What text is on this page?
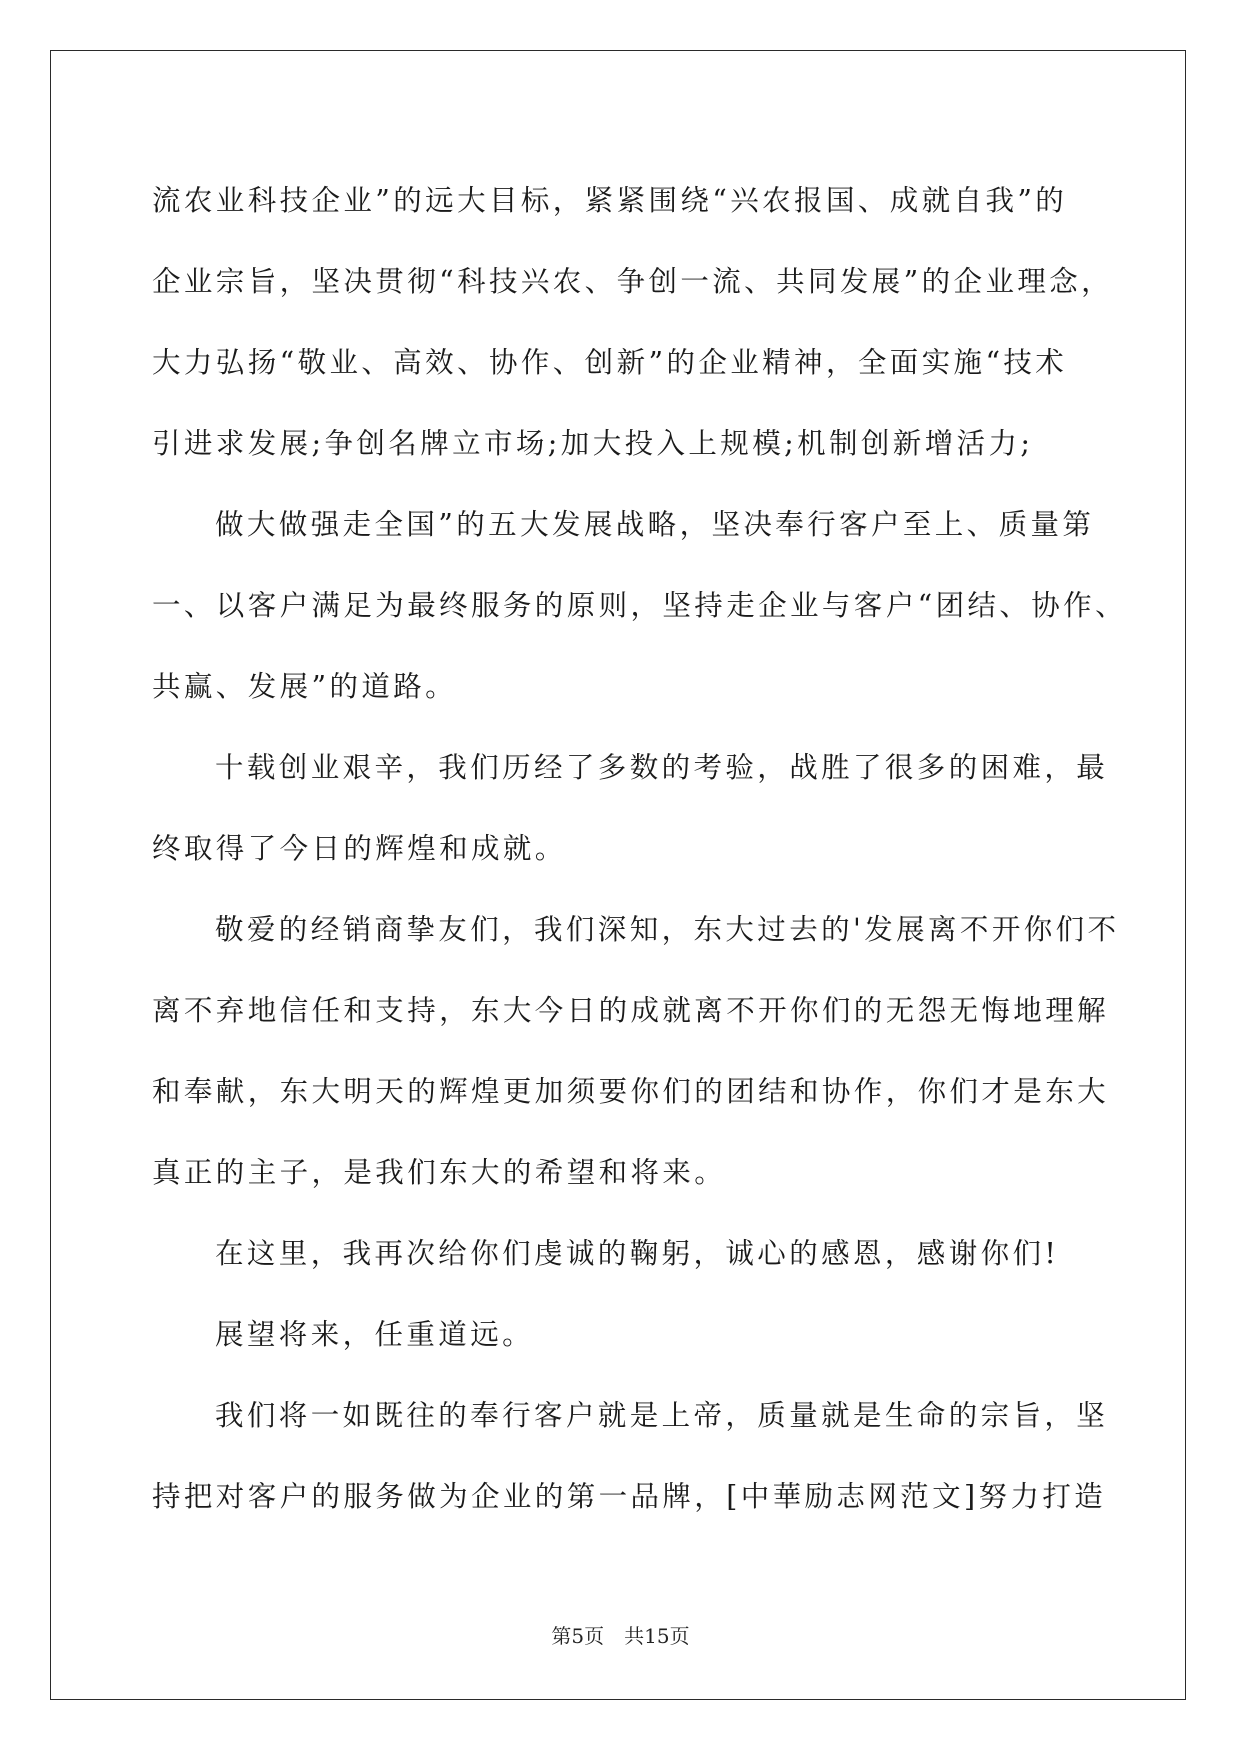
流农业科技企业”的远大目标，紧紧围绕“兴农报国、成就自我”的
企业宗旨，坚决贯彻“科技兴农、争创一流、共同发展”的企业理念，
大力弘扬“敬业、高效、协作、创新”的企业精神，全面实施“技术
引进求发展;争创名牌立市场;加大投入上规模;机制创新增活力;
做大做强走全国”的五大发展战略，坚决奉行客户至上、质量第
一、以客户满足为最终服务的原则，坚持走企业与客户“团结、协作、
共赢、发展”的道路。
十载创业艰辛，我们历经了多数的考验，战胜了很多的困难，最
终取得了今日的辉煌和成就。
敬爱的经销商挚友们，我们深知，东大过去的'发展离不开你们不
离不弃地信任和支持，东大今日的成就离不开你们的无怨无悔地理解
和奉献，东大明天的辉煌更加须要你们的团结和协作，你们才是东大
真正的主子，是我们东大的希望和将来。
在这里，我再次给你们虔诚的鞠躬，诚心的感恩，感谢你们!
展望将来，任重道远。
我们将一如既往的奉行客户就是上帝，质量就是生命的宗旨，坚
持把对客户的服务做为企业的第一品牌，[中華励志网范文]努力打造
第5页　共15页
